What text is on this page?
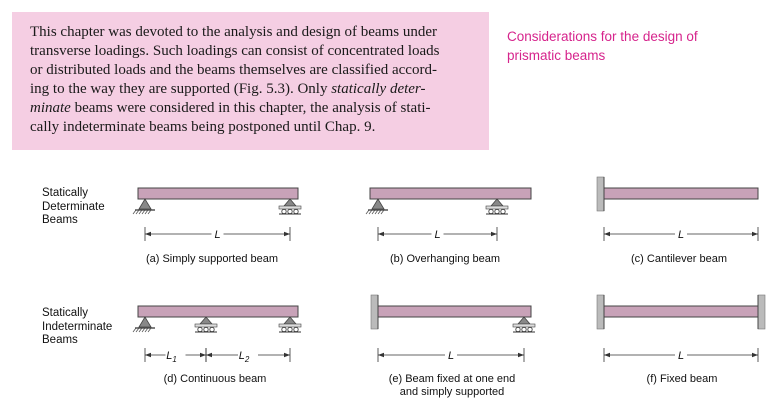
This chapter was devoted to the analysis and design of beams under
transverse loadings. Such loadings can consist of concentrated loads
or distributed loads and the beams themselves are classified accord-
ing to the way they are supported (Fig. 5.3). Only statically deter-
minate beams were considered in this chapter, the analysis of stati-
cally indeterminate beams being postponed until Chap. 9.
Considerations for the design of
prismatic beams
Statically
Determinate
Beams
Statically
Indeterminate
Beams
L
(a) Simply supported beam
L
(b) Overhanging beam
L
(c) Cantilever beam
$L_1$	$L_2$
(d) Continuous beam
L
(e) Beam fixed at one end
and simply supported
L
(f) Fixed beam
